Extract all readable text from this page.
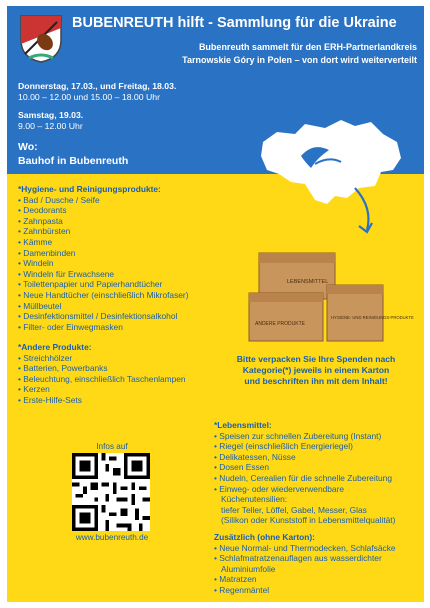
BUBENREUTH hilft - Sammlung für die Ukraine
Bubenreuth sammelt für den ERH-Partnerlandkreis
Tarnowskie Góry in Polen – von dort wird weiterverteilt
Donnerstag, 17.03., und Freitag, 18.03.
10.00 – 12.00 und 15.00 – 18.00 Uhr
Samstag, 19.03.
9.00 – 12.00 Uhr
Wo:
Bauhof in Bubenreuth
*Hygiene- und Reinigungsprodukte:
• Bad / Dusche / Seife
• Deodorants
• Zahnpasta
• Zahnbürsten
• Kämme
• Damenbinden
• Windeln
• Windeln für Erwachsene
• Toilettenpapier und Papierhandtücher
• Neue Handtücher (einschließlich Mikrofaser)
• Müllbeutel
• Desinfektionsmittel / Desinfektionsalkohol
• Filter- oder Einwegmasken
*Andere Produkte:
• Streichhölzer
• Batterien, Powerbanks
• Beleuchtung, einschließlich Taschenlampen
• Kerzen
• Erste-Hilfe-Sets
LEBENSMITTEL
ANDERE PRODUKTE
HYGIENE- UND REINIGUNGS-PRODUKTE
Bitte verpacken Sie Ihre Spenden nach
Kategorie(*) jeweils in einem Karton
und beschriften ihn mit dem Inhalt!
*Lebensmittel:
• Speisen zur schnellen Zubereitung (Instant)
• Riegel (einschließlich Energieriegel)
• Delikatessen, Nüsse
• Dosen Essen
• Nudeln, Cerealien für die schnelle Zubereitung
• Einweg- oder wiederverwendbare
Küchenutensilien:
tiefer Teller, Löffel, Gabel, Messer, Glas
(Silikon oder Kunststoff in Lebensmittelqualität)
Zusätzlich (ohne Karton):
• Neue Normal- und Thermodecken, Schlafsäcke
• Schlafmatratzenauflagen aus wasserdichter
Aluminiumfolie
• Matratzen
• Regenmäntel
Infos auf
www.bubenreuth.de
